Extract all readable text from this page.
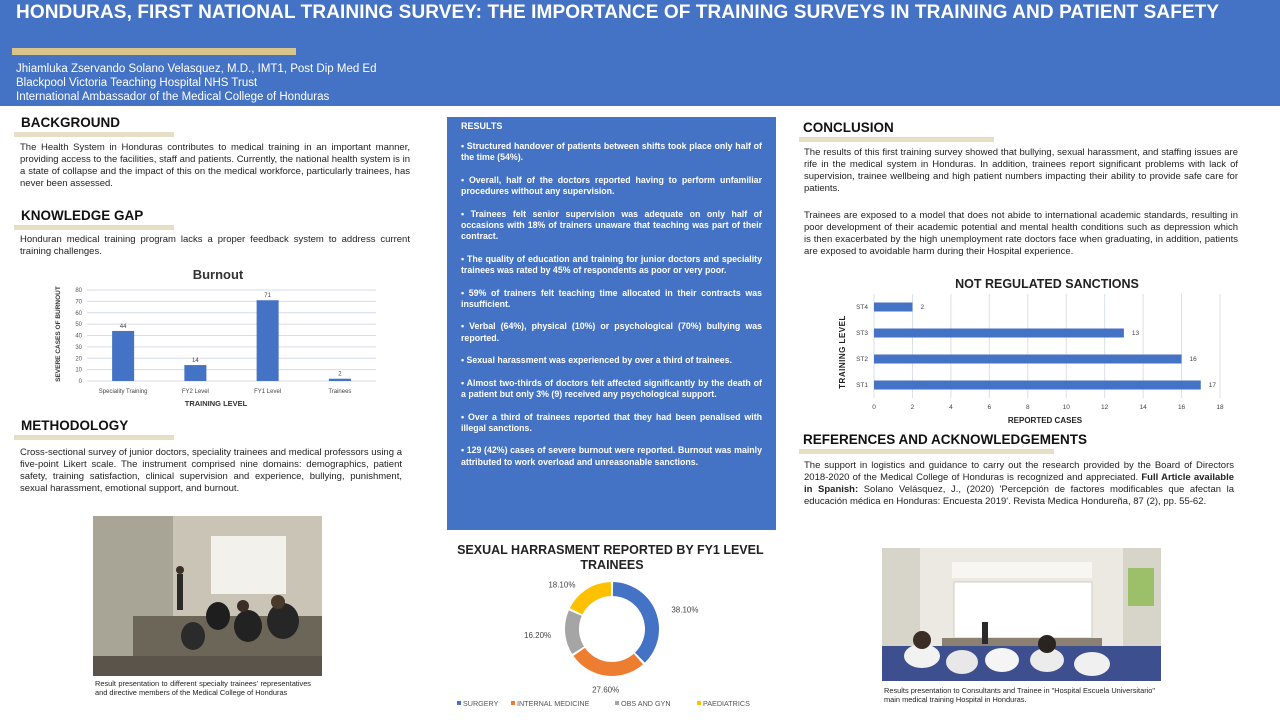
HONDURAS, FIRST NATIONAL TRAINING SURVEY: THE IMPORTANCE OF TRAINING SURVEYS IN TRAINING AND PATIENT SAFETY
Jhiamluka Zservando Solano Velasquez, M.D., IMT1, Post Dip Med Ed
Blackpool Victoria Teaching Hospital NHS Trust
International Ambassador of the Medical College of Honduras
BACKGROUND
The Health System in Honduras contributes to medical training in an important manner, providing access to the facilities, staff and patients. Currently, the national health system is in a state of collapse and the impact of this on the medical workforce, particularly trainees, has never been assessed.
KNOWLEDGE GAP
Honduran medical training program lacks a proper feedback system to address current training challenges.
Burnout
SEVERE CASES OF BURNOUT
TRAINING LEVEL
0
10
20
30
40
50
60
70
80
44
Speciality Training
14
FY2 Level
71
FY1 Level
2
Trainees
METHODOLOGY
Cross-sectional survey of junior doctors, speciality trainees and medical professors using a five-point Likert scale. The instrument comprised nine domains: demographics, patient safety, training satisfaction, clinical supervision and experience, bullying, punishment, sexual harassment, emotional support, and burnout.
Result presentation to different specialty trainees' representatives and directive members of the Medical College of Honduras
RESULTS
• Structured handover of patients between shifts took place only half of the time (54%).
• Overall, half of the doctors reported having to perform unfamiliar procedures without any supervision.
• Trainees felt senior supervision was adequate on only half of occasions with 18% of trainers unaware that teaching was part of their contract.
• The quality of education and training for junior doctors and speciality trainees was rated by 45% of respondents as poor or very poor.
• 59% of trainers felt teaching time allocated in their contracts was insufficient.
• Verbal (64%), physical (10%) or psychological (70%) bullying was reported.
• Sexual harassment was experienced by over a third of trainees.
• Almost two-thirds of doctors felt affected significantly by the death of a patient but only 3% (9) received any psychological support.
• Over a third of trainees reported that they had been penalised with illegal sanctions.
• 129 (42%) cases of severe burnout were reported. Burnout was mainly attributed to work overload and unreasonable sanctions.
SEXUAL HARRASMENT REPORTED BY FY1 LEVEL TRAINEES
38.10%
27.60%
16.20%
18.10%
SURGERY	INTERNAL MEDICINE	OBS AND GYN	PAEDIATRICS
CONCLUSION
The results of this first training survey showed that bullying, sexual harassment, and staffing issues are rife in the medical system in Honduras. In addition, trainees report significant problems with lack of supervision, trainee wellbeing and high patient numbers impacting their ability to provide safe care for patients.
Trainees are exposed to a model that does not abide to international academic standards, resulting in poor development of their academic potential and mental health conditions such as depression which is then exacerbated by the high unemployment rate doctors face when graduating, in addition, patients are exposed to avoidable harm during their Hospital experience.
NOT REGULATED SANCTIONS
TRAINING LEVEL
REPORTED CASES
0	2	4	6	8	10	12	14	16	18
ST4	2
ST3	13
ST2	16
ST1	17
REFERENCES AND ACKNOWLEDGEMENTS
The support in logistics and guidance to carry out the research provided by the Board of Directors 2018-2020 of the Medical College of Honduras is recognized and appreciated. Full Article available in Spanish: Solano Velásquez, J., (2020) 'Percepción de factores modificables que afectan la educación médica en Honduras: Encuesta 2019'. Revista Medica Hondureña, 87 (2), pp. 55-62.
Results presentation to Consultants and Trainee in "Hospital Escuela Universitario" main medical training Hospital in Honduras.
